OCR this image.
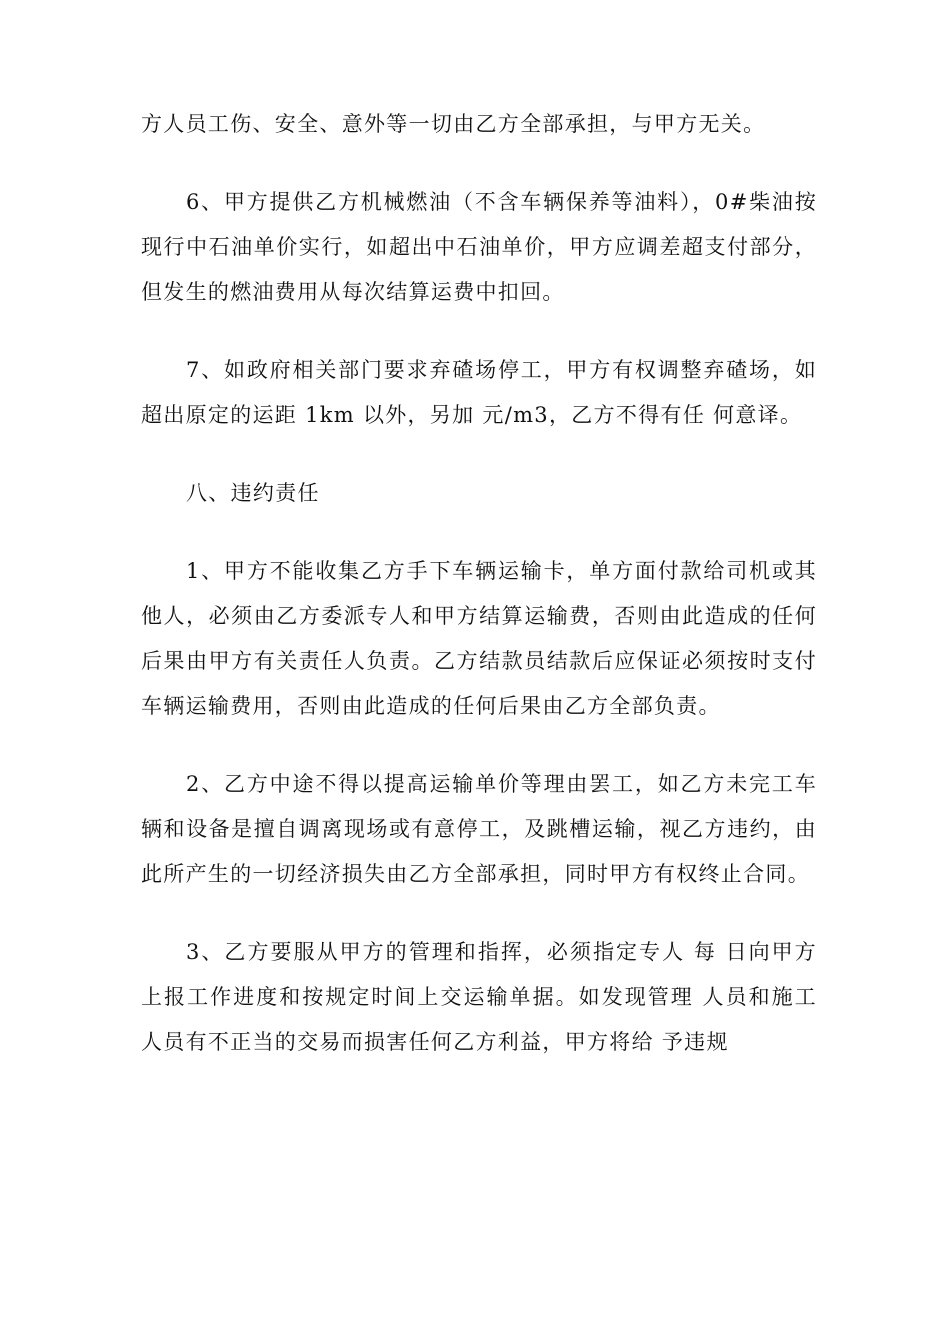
方人员工伤、安全、意外等一切由乙方全部承担，与甲方无关。

6、甲方提供乙方机械燃油（不含车辆保养等油料），0#柴油按现行中石油单价实行，如超出中石油单价，甲方应调差超支付部分，但发生的燃油费用从每次结算运费中扣回。

7、如政府相关部门要求弃碴场停工，甲方有权调整弃碴场，如超出原定的运距 1km 以外，另加 元/m3，乙方不得有任 何意译。

八、违约责任

1、甲方不能收集乙方手下车辆运输卡，单方面付款给司机或其他人，必须由乙方委派专人和甲方结算运输费，否则由此造成的任何后果由甲方有关责任人负责。乙方结款员结款后应保证必须按时支付车辆运输费用，否则由此造成的任何后果由乙方全部负责。

2、乙方中途不得以提高运输单价等理由罢工，如乙方未完工车辆和设备是擅自调离现场或有意停工，及跳槽运输，视乙方违约，由此所产生的一切经济损失由乙方全部承担，同时甲方有权终止合同。

3、乙方要服从甲方的管理和指挥，必须指定专人 每 日向甲方上报工作进度和按规定时间上交运输单据。如发现管理 人员和施工人员有不正当的交易而损害任何乙方利益，甲方将给 予违规
